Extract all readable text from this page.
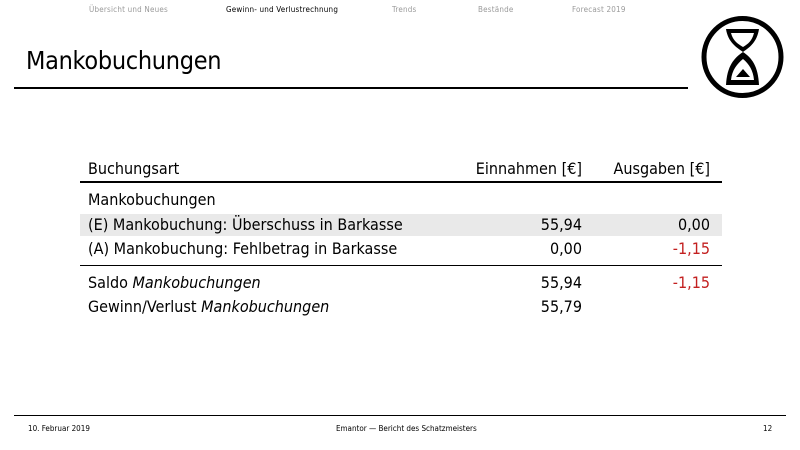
Übersicht und Neues	Gewinn- und Verlustrechnung	Trends	Bestände	Forecast 2019
Mankobuchungen
Buchungsart	Einnahmen [€] Ausgaben [€]
Mankobuchungen
(E) Mankobuchung: Überschuss in Barkasse	55,94	0,00
(A) Mankobuchung: Fehlbetrag in Barkasse	0,00	-1,15
Saldo Mankobuchungen	55,94	-1,15
Gewinn/Verlust Mankobuchungen	55,79
10. Februar 2019	Emantor — Bericht des Schatzmeisters	12
